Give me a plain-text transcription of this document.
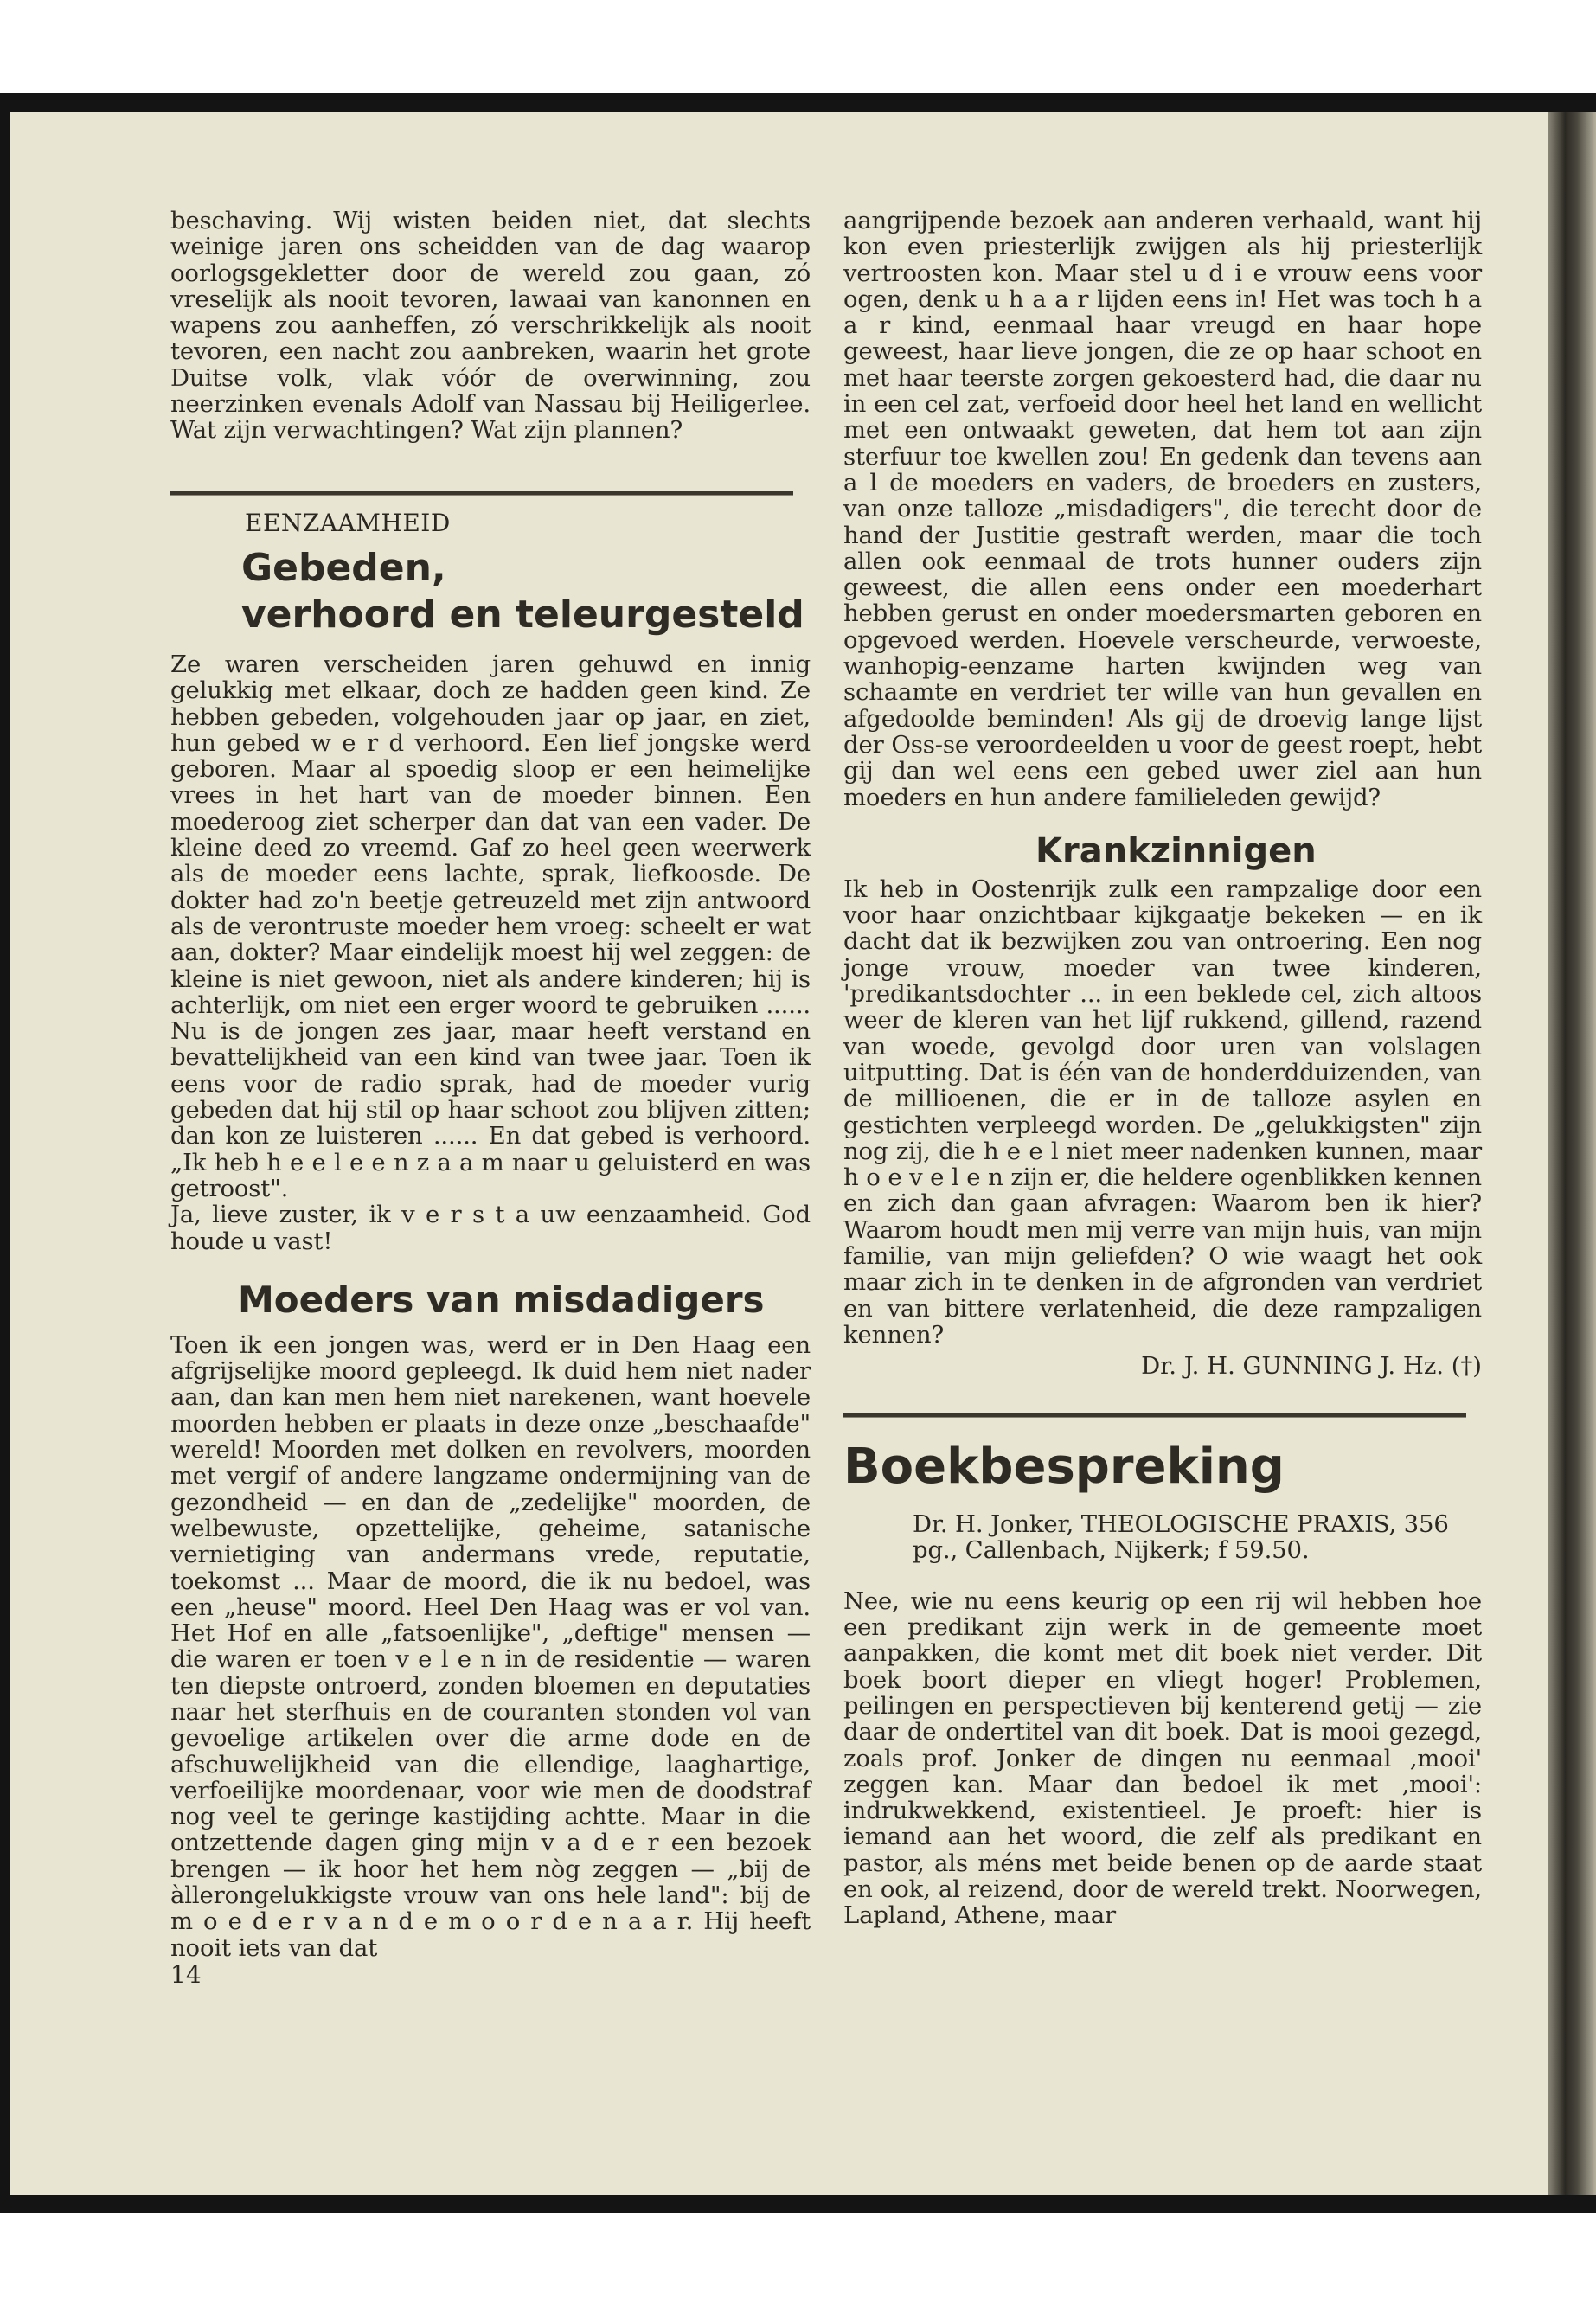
beschaving. Wij wisten beiden niet, dat slechts weinige jaren ons scheidden van de dag waarop oorlogsgekletter door de wereld zou gaan, zó vreselijk als nooit tevoren, lawaai van kanonnen en wapens zou aanheffen, zó verschrikkelijk als nooit tevoren, een nacht zou aanbreken, waarin het grote Duitse volk, vlak vóór de overwinning, zou neerzinken evenals Adolf van Nassau bij Heiligerlee. Wat zijn verwachtingen? Wat zijn plannen?

EENZAAMHEID

Gebeden,
verhoord en teleurgesteld

Ze waren verscheiden jaren gehuwd en innig gelukkig met elkaar, doch ze hadden geen kind. Ze hebben gebeden, volgehouden jaar op jaar, en ziet, hun gebed w e r d verhoord. Een lief jongske werd geboren. Maar al spoedig sloop er een heimelijke vrees in het hart van de moeder binnen. Een moederoog ziet scherper dan dat van een vader. De kleine deed zo vreemd. Gaf zo heel geen weerwerk als de moeder eens lachte, sprak, liefkoosde. De dokter had zo'n beetje getreuzeld met zijn antwoord als de verontruste moeder hem vroeg: scheelt er wat aan, dokter? Maar eindelijk moest hij wel zeggen: de kleine is niet gewoon, niet als andere kinderen; hij is achterlijk, om niet een erger woord te gebruiken ...... Nu is de jongen zes jaar, maar heeft verstand en bevattelijkheid van een kind van twee jaar. Toen ik eens voor de radio sprak, had de moeder vurig gebeden dat hij stil op haar schoot zou blijven zitten; dan kon ze luisteren ...... En dat gebed is verhoord. „Ik heb h e e l e e n z a a m naar u geluisterd en was getroost".

Ja, lieve zuster, ik v e r s t a uw eenzaamheid. God houde u vast!

Moeders van misdadigers

Toen ik een jongen was, werd er in Den Haag een afgrijselijke moord gepleegd. Ik duid hem niet nader aan, dan kan men hem niet narekenen, want hoevele moorden hebben er plaats in deze onze „beschaafde" wereld! Moorden met dolken en revolvers, moorden met vergif of andere langzame ondermijning van de gezondheid — en dan de „zedelijke" moorden, de welbewuste, opzettelijke, geheime, satanische vernietiging van andermans vrede, reputatie, toekomst ... Maar de moord, die ik nu bedoel, was een „heuse" moord. Heel Den Haag was er vol van. Het Hof en alle „fatsoenlijke", „deftige" mensen — die waren er toen v e l e n in de residentie — waren ten diepste ontroerd, zonden bloemen en deputaties naar het sterfhuis en de couranten stonden vol van gevoelige artikelen over die arme dode en de afschuwelijkheid van die ellendige, laaghartige, verfoeilijke moordenaar, voor wie men de doodstraf nog veel te geringe kastijding achtte. Maar in die ontzettende dagen ging mijn v a d e r een bezoek brengen — ik hoor het hem nòg zeggen — „bij de àllerongelukkigste vrouw van ons hele land": bij de m o e d e r v a n d e m o o r d e n a a r. Hij heeft nooit iets van dat

14

aangrijpende bezoek aan anderen verhaald, want hij kon even priesterlijk zwijgen als hij priesterlijk vertroosten kon. Maar stel u d i e vrouw eens voor ogen, denk u h a a r lijden eens in! Het was toch h a a r kind, eenmaal haar vreugd en haar hope geweest, haar lieve jongen, die ze op haar schoot en met haar teerste zorgen gekoesterd had, die daar nu in een cel zat, verfoeid door heel het land en wellicht met een ontwaakt geweten, dat hem tot aan zijn sterfuur toe kwellen zou! En gedenk dan tevens aan a l de moeders en vaders, de broeders en zusters, van onze talloze „misdadigers", die terecht door de hand der Justitie gestraft werden, maar die toch allen ook eenmaal de trots hunner ouders zijn geweest, die allen eens onder een moederhart hebben gerust en onder moedersmarten geboren en opgevoed werden. Hoevele verscheurde, verwoeste, wanhopig-eenzame harten kwijnden weg van schaamte en verdriet ter wille van hun gevallen en afgedoolde beminden! Als gij de droevig lange lijst der Oss-se veroordeelden u voor de geest roept, hebt gij dan wel eens een gebed uwer ziel aan hun moeders en hun andere familieleden gewijd?

Krankzinnigen

Ik heb in Oostenrijk zulk een rampzalige door een voor haar onzichtbaar kijkgaatje bekeken — en ik dacht dat ik bezwijken zou van ontroering. Een nog jonge vrouw, moeder van twee kinderen, 'predikantsdochter ... in een beklede cel, zich altoos weer de kleren van het lijf rukkend, gillend, razend van woede, gevolgd door uren van volslagen uitputting. Dat is één van de honderdduizenden, van de millioenen, die er in de talloze asylen en gestichten verpleegd worden. De „gelukkigsten" zijn nog zij, die h e e l niet meer nadenken kunnen, maar h o e v e l e n zijn er, die heldere ogenblikken kennen en zich dan gaan afvragen: Waarom ben ik hier? Waarom houdt men mij verre van mijn huis, van mijn familie, van mijn geliefden? O wie waagt het ook maar zich in te denken in de afgronden van verdriet en van bittere verlatenheid, die deze rampzaligen kennen?

Dr. J. H. GUNNING J. Hz. (†)

Boekbespreking

Dr. H. Jonker, THEOLOGISCHE PRAXIS, 356 pg., Callenbach, Nijkerk; f 59.50.

Nee, wie nu eens keurig op een rij wil hebben hoe een predikant zijn werk in de gemeente moet aanpakken, die komt met dit boek niet verder. Dit boek boort dieper en vliegt hoger! Problemen, peilingen en perspectieven bij kenterend getij — zie daar de ondertitel van dit boek. Dat is mooi gezegd, zoals prof. Jonker de dingen nu eenmaal ‚mooi' zeggen kan. Maar dan bedoel ik met ‚mooi': indrukwekkend, existentieel. Je proeft: hier is iemand aan het woord, die zelf als predikant en pastor, als méns met beide benen op de aarde staat en ook, al reizend, door de wereld trekt. Noorwegen, Lapland, Athene, maar
